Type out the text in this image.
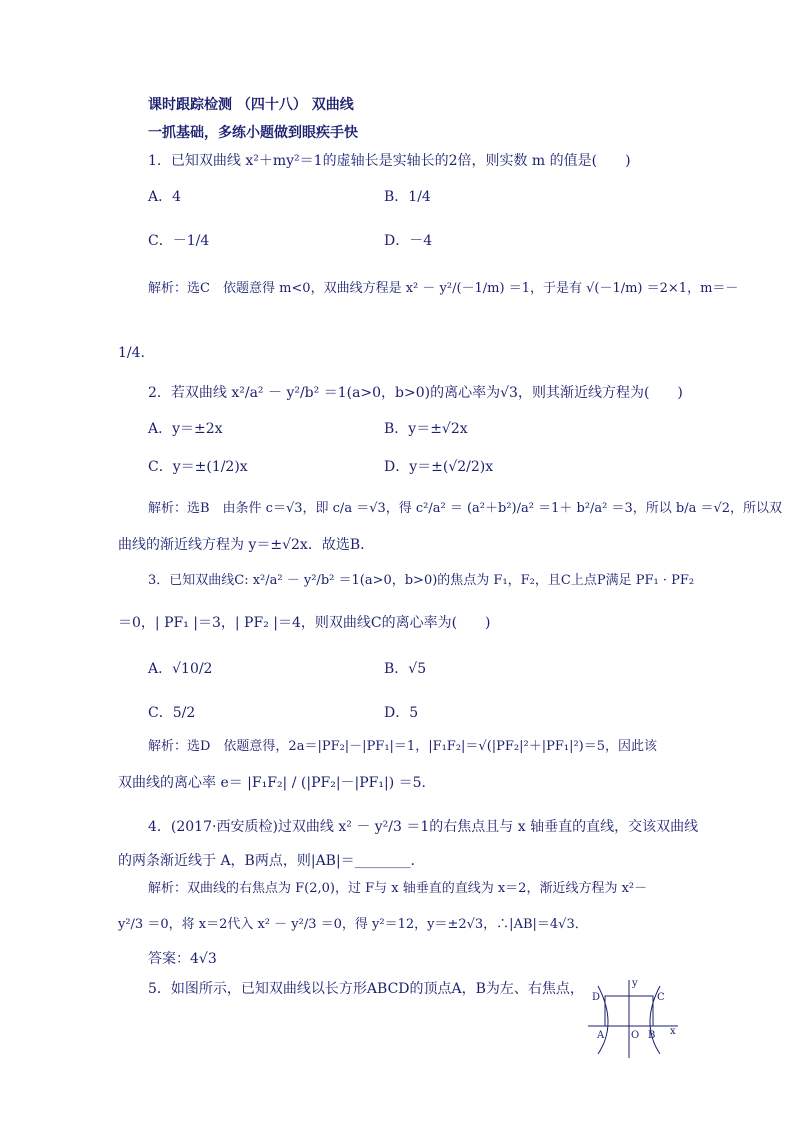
课时跟踪检测 （四十八） 双曲线
一抓基础，多练小题做到眼疾手快
1．已知双曲线 x²＋my²＝1的虚轴长是实轴长的2倍，则实数 m 的值是(　　)
A．4	B．1/4
C．－1/4	D．－4
解析：选C　依题意得 m<0，双曲线方程是 x² － y²/(－1/m) ＝1，于是有 √(－1/m) ＝2×1，m＝－
1/4.
2．若双曲线 x²/a² － y²/b² ＝1(a>0，b>0)的离心率为√3，则其渐近线方程为(　　)
A．y＝±2x	B．y＝±√2x
C．y＝±(1/2)x	D．y＝±(√2/2)x
解析：选B　由条件 c＝√3，即 c/a ＝√3，得 c²/a² ＝ (a²＋b²)/a² ＝1＋ b²/a² ＝3，所以 b/a ＝√2，所以双
曲线的渐近线方程为 y＝±√2x．故选B．
3．已知双曲线C: x²/a² － y²/b² ＝1(a>0，b>0)的焦点为 F₁，F₂，且C上点P满足 PF₁ · PF₂
＝0，| PF₁ |＝3，| PF₂ |＝4，则双曲线C的离心率为(　　)
A．√10/2	B．√5
C．5/2	D．5
解析：选D　依题意得，2a＝|PF₂|－|PF₁|＝1，|F₁F₂|＝√(|PF₂|²＋|PF₁|²)＝5，因此该
双曲线的离心率 e＝ |F₁F₂| / (|PF₂|－|PF₁|) ＝5．
4．(2017·西安质检)过双曲线 x² － y²/3 ＝1的右焦点且与 x 轴垂直的直线，交该双曲线
的两条渐近线于 A，B两点，则|AB|＝________．
解析：双曲线的右焦点为 F(2,0)，过 F与 x 轴垂直的直线为 x＝2，渐近线方程为 x²－
y²/3 ＝0，将 x＝2代入 x² － y²/3 ＝0，得 y²＝12，y＝±2√3，∴|AB|＝4√3．
答案：4√3
5．如图所示，已知双曲线以长方形ABCD的顶点A，B为左、右焦点，
D	C
A	O B x
y
